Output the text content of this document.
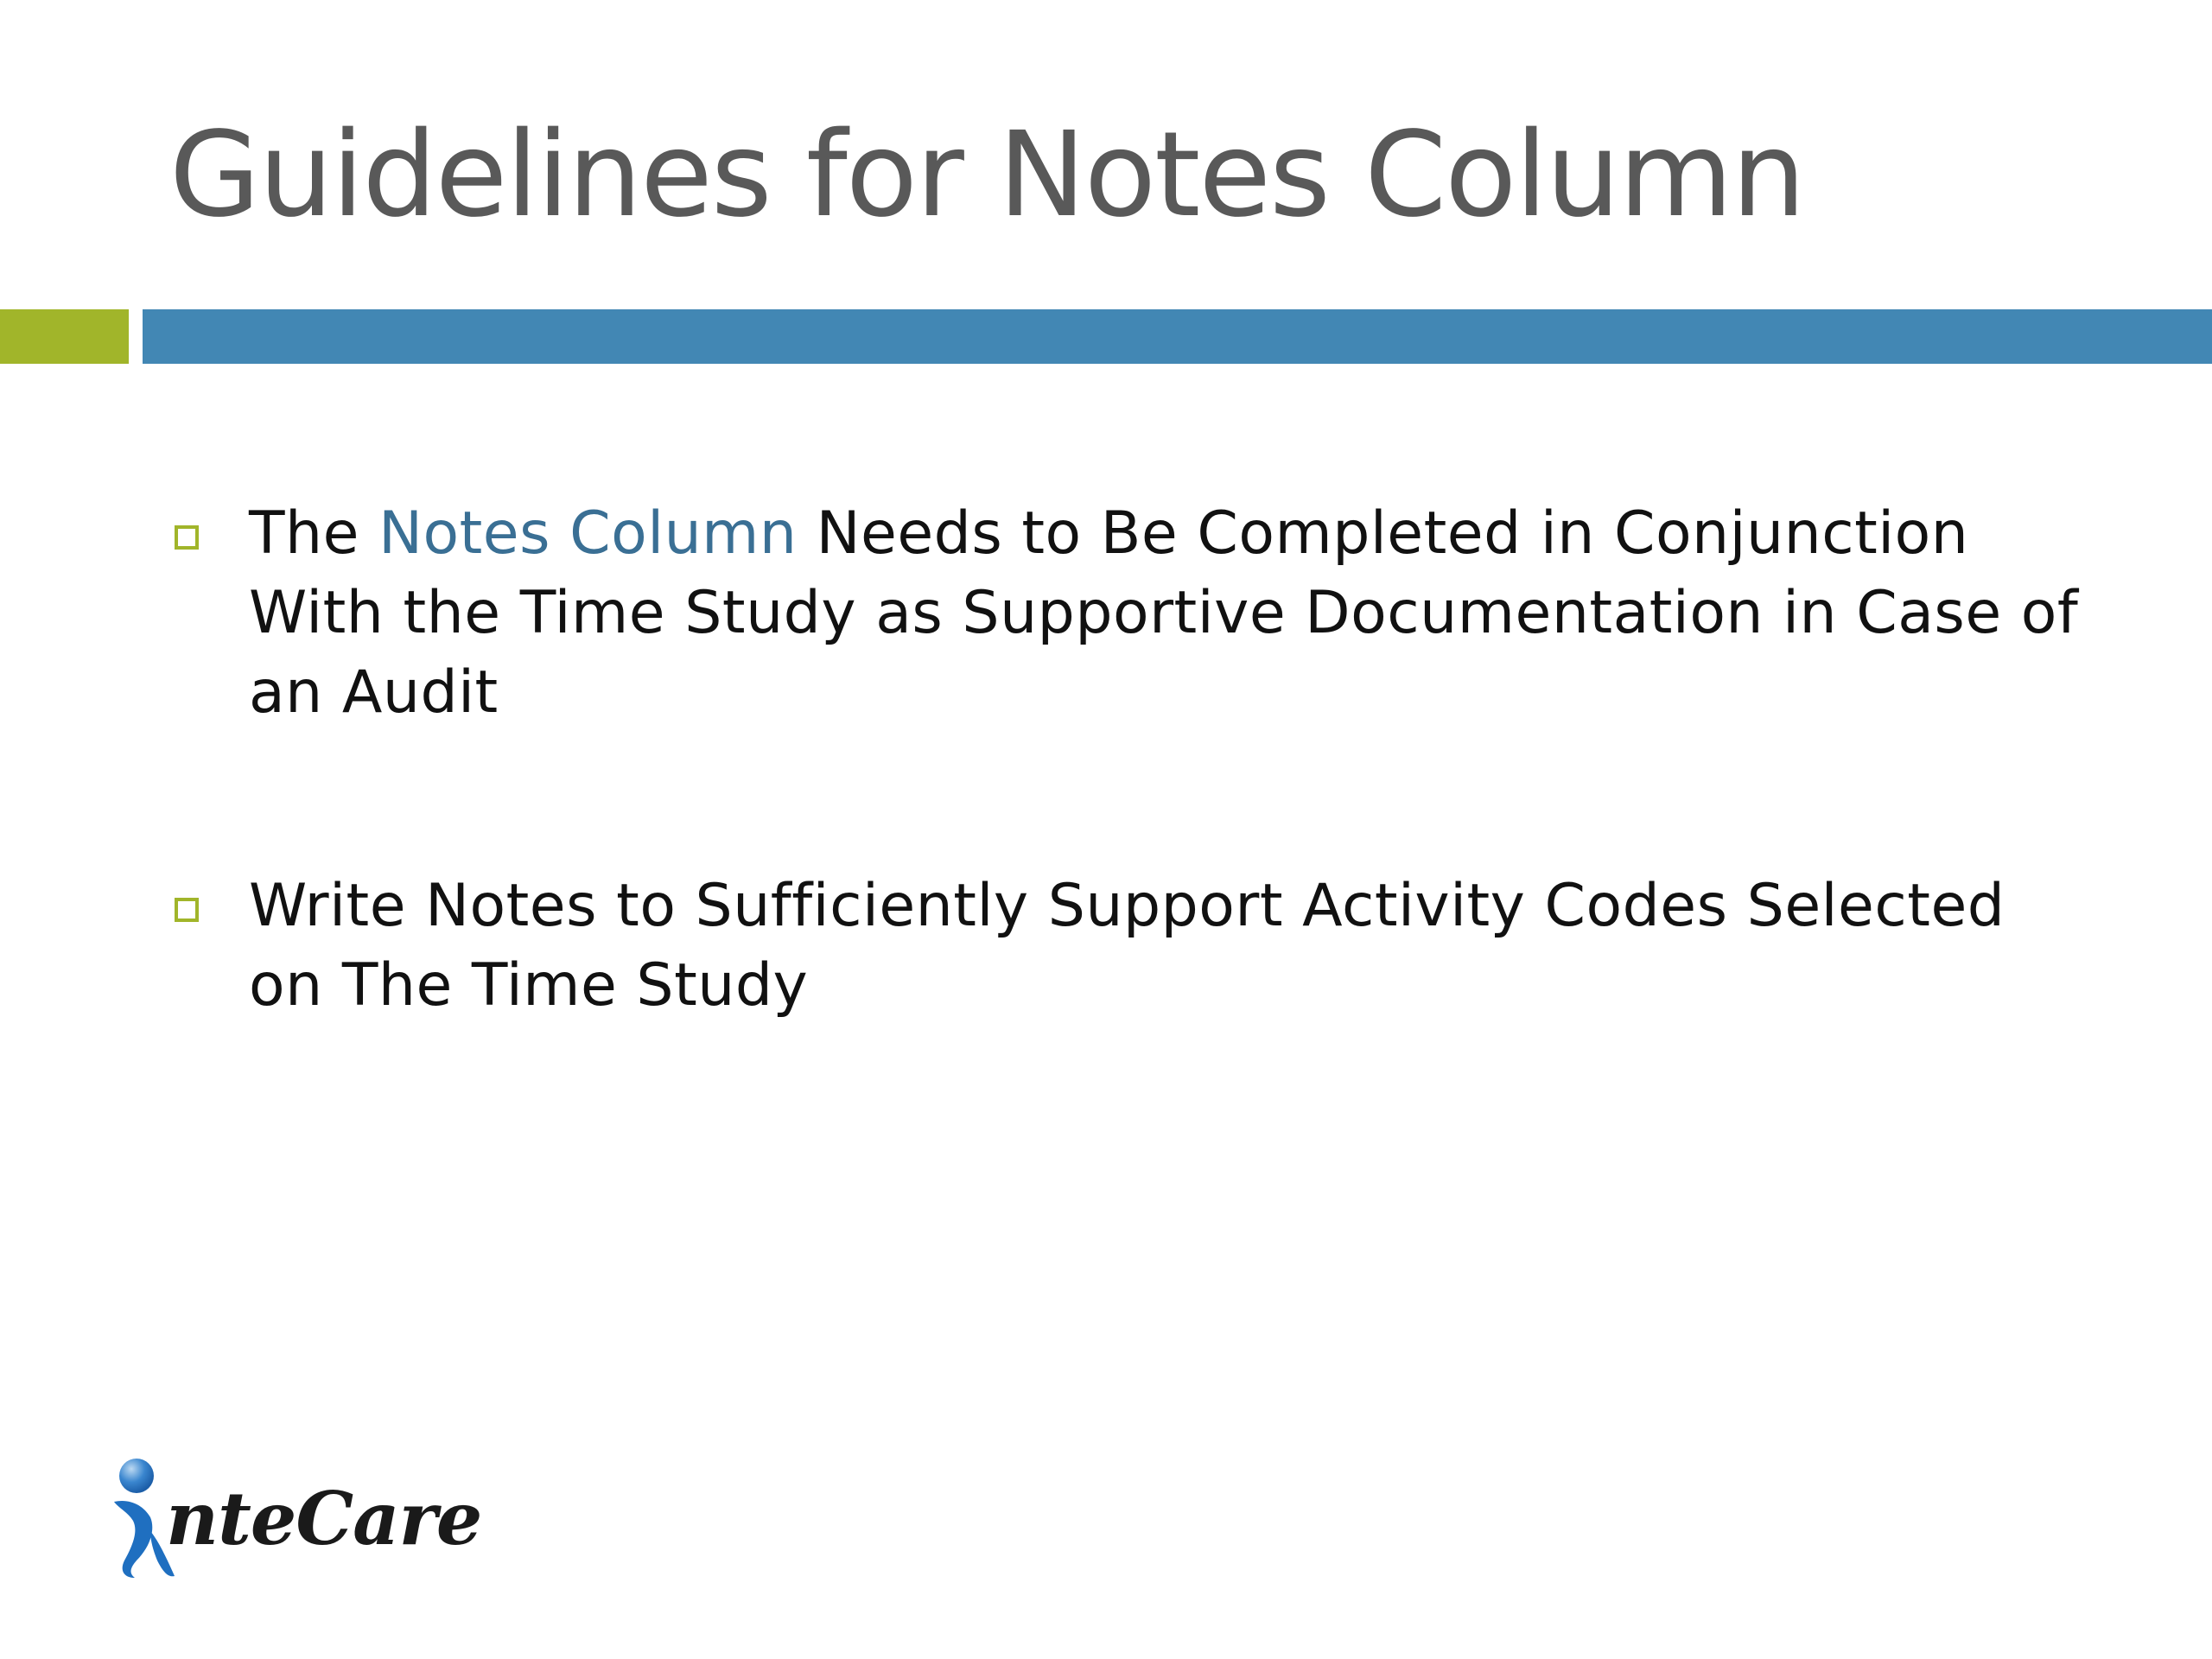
Guidelines for Notes Column
The Notes Column Needs to Be Completed in Conjunction With the Time Study as Supportive Documentation in Case of an Audit
Write Notes to Sufficiently Support Activity Codes Selected on The Time Study
nteCare
